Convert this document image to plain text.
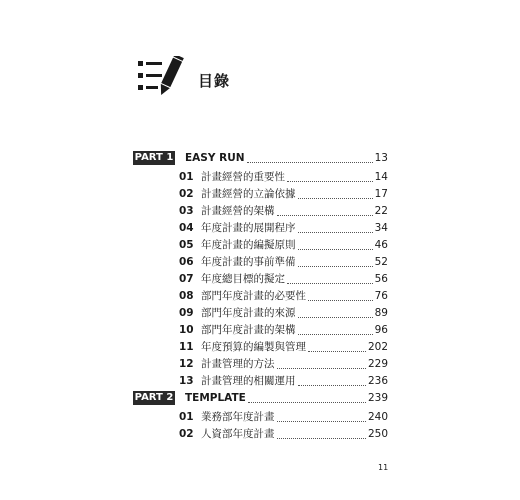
目錄
PART 1 EASY RUN	13
01 計畫經營的重要性	14
02 計畫經營的立論依據	17
03 計畫經營的架構	22
04 年度計畫的展開程序	34
05 年度計畫的編擬原則	46
06 年度計畫的事前準備	52
07 年度總目標的擬定	56
08 部門年度計畫的必要性	76
09 部門年度計畫的來源	89
10 部門年度計畫的架構	96
11 年度預算的編製與管理	202
12 計畫管理的方法	229
13 計畫管理的相關運用	236
PART 2 TEMPLATE	239
01 業務部年度計畫	240
02 人資部年度計畫	250
11
